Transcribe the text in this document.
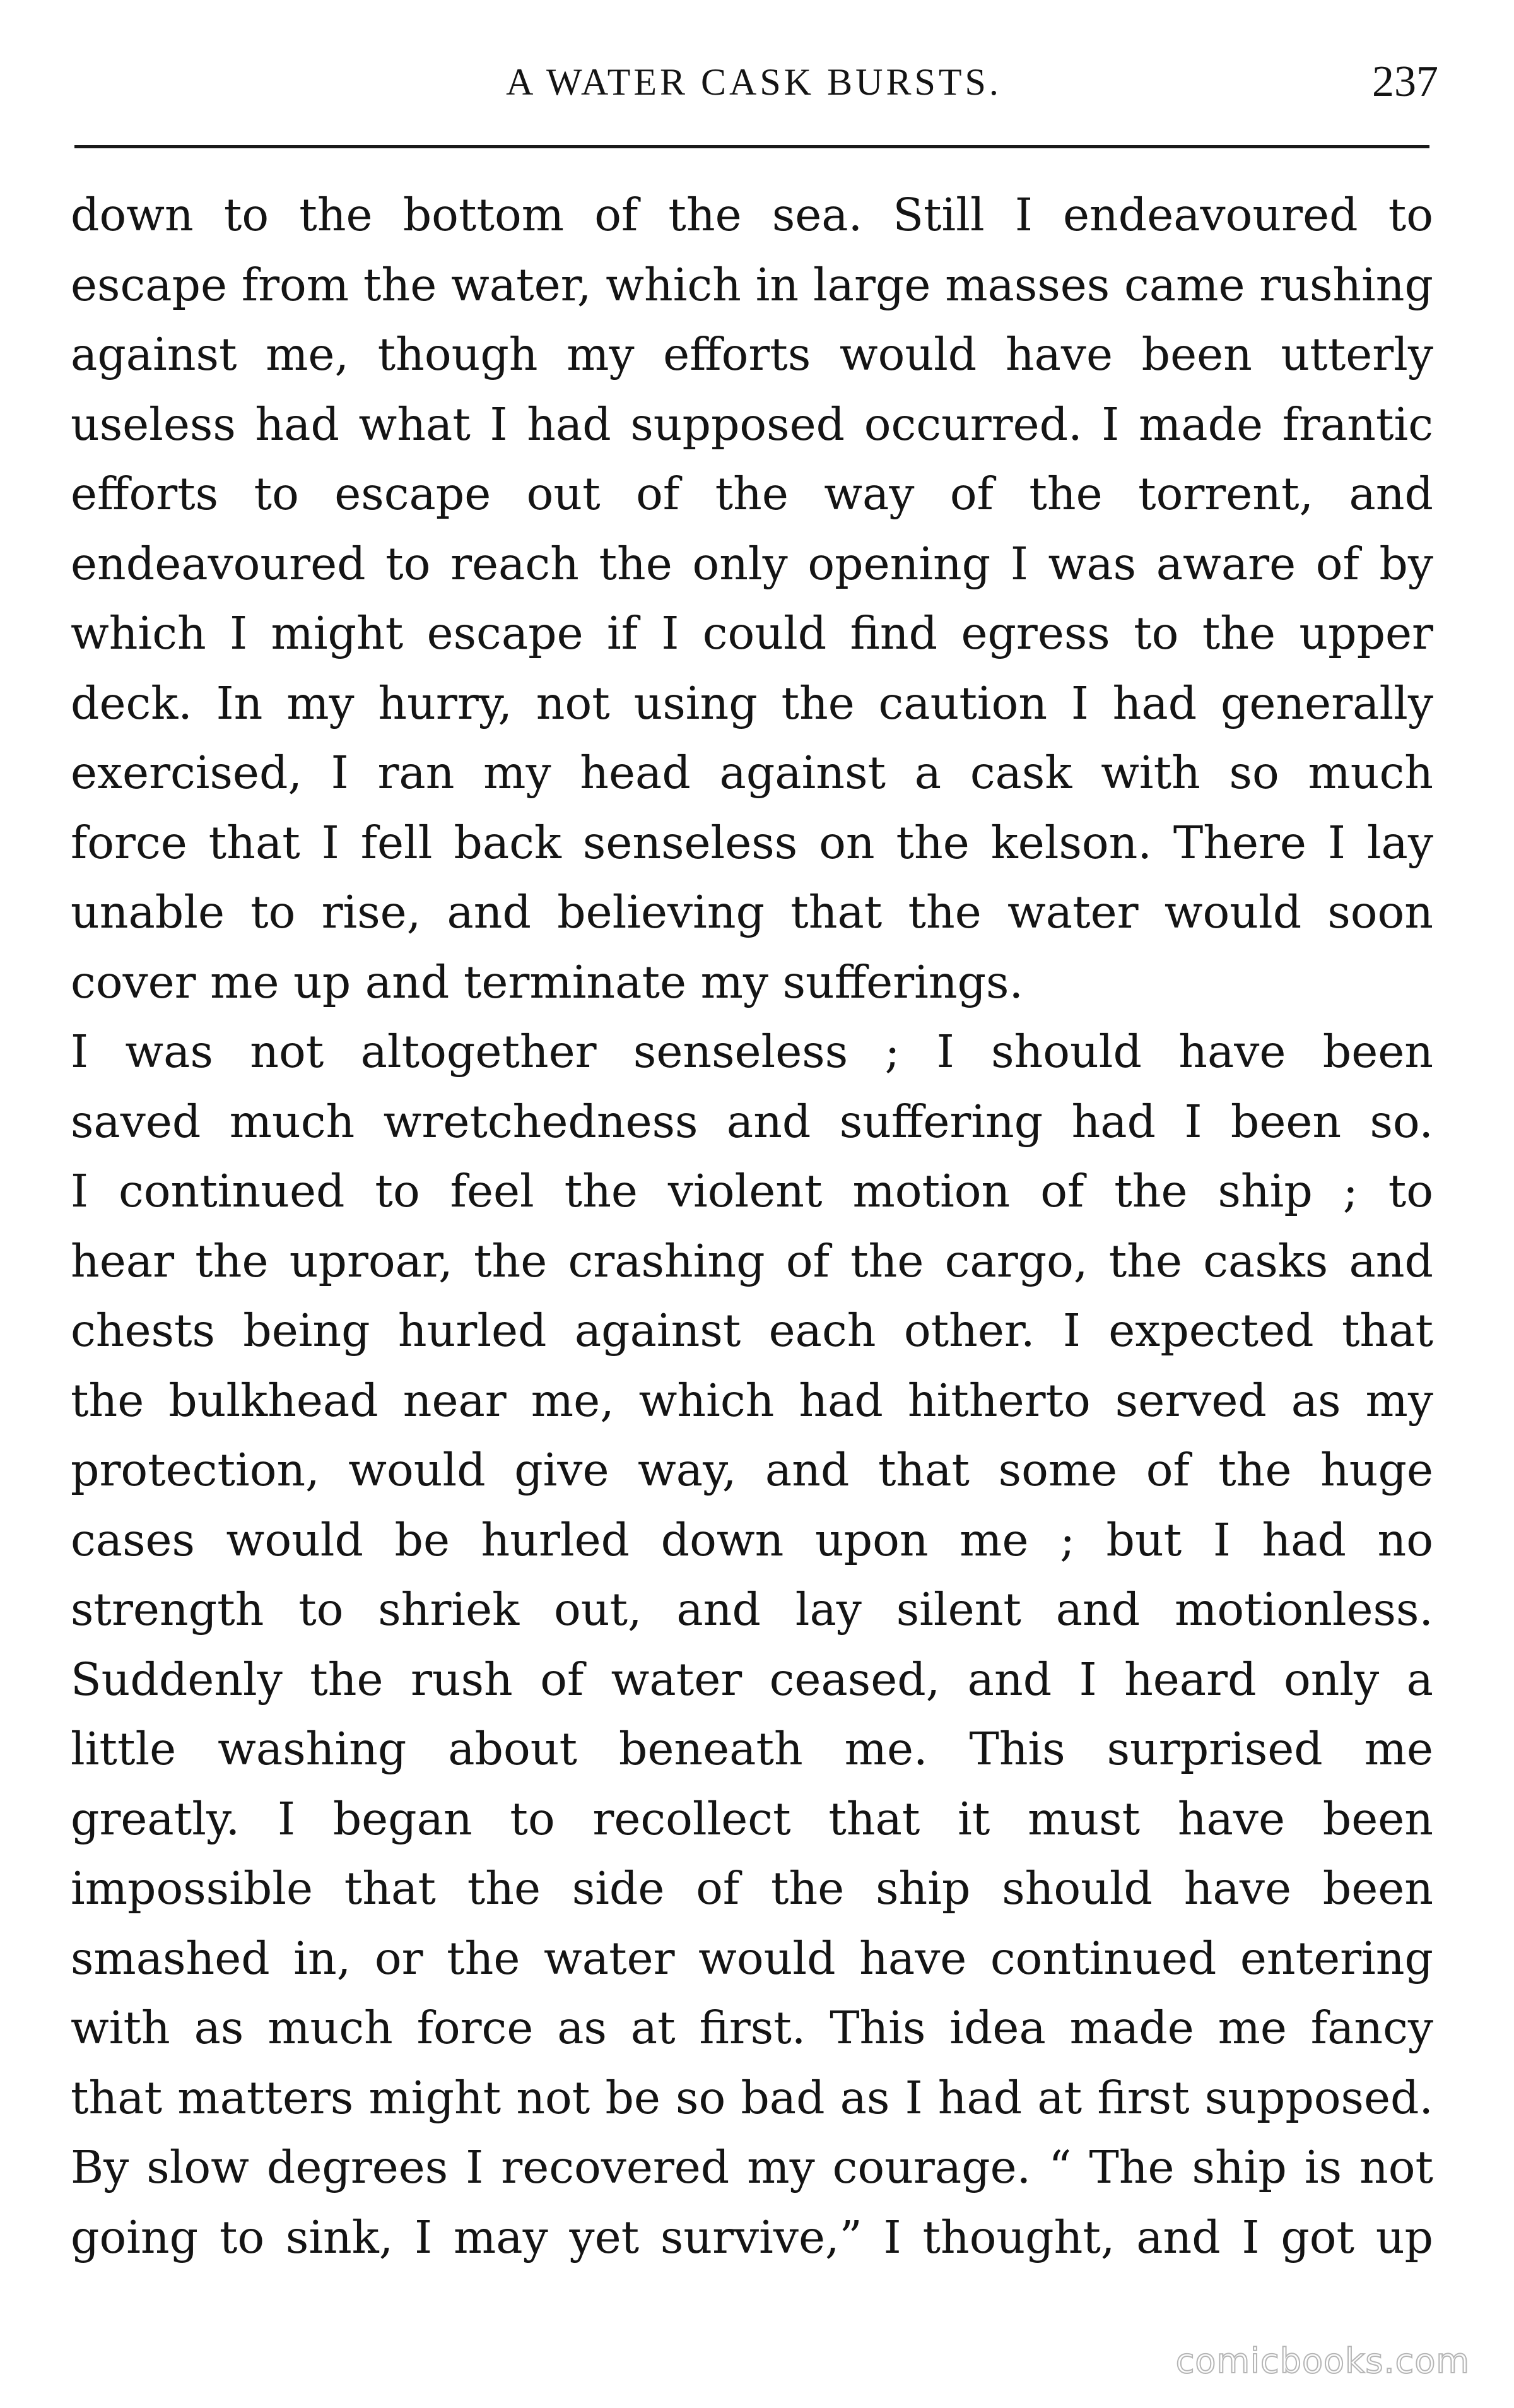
A WATER CASK BURSTS.	237
down to the bottom of the sea. Still I endeavoured to
escape from the water, which in large masses came rushing
against me, though my efforts would have been utterly
useless had what I had supposed occurred. I made frantic
efforts to escape out of the way of the torrent, and
endeavoured to reach the only opening I was aware of by
which I might escape if I could find egress to the upper
deck. In my hurry, not using the caution I had generally
exercised, I ran my head against a cask with so much
force that I fell back senseless on the kelson. There I lay
unable to rise, and believing that the water would soon
cover me up and terminate my sufferings.
I was not altogether senseless ; I should have been
saved much wretchedness and suffering had I been so.
I continued to feel the violent motion of the ship ; to
hear the uproar, the crashing of the cargo, the casks and
chests being hurled against each other. I expected that
the bulkhead near me, which had hitherto served as my
protection, would give way, and that some of the huge
cases would be hurled down upon me ; but I had no
strength to shriek out, and lay silent and motionless.
Suddenly the rush of water ceased, and I heard only a
little washing about beneath me. This surprised me
greatly. I began to recollect that it must have been
impossible that the side of the ship should have been
smashed in, or the water would have continued entering
with as much force as at first. This idea made me fancy
that matters might not be so bad as I had at first supposed.
By slow degrees I recovered my courage. “ The ship is not
going to sink, I may yet survive,” I thought, and I got up
comicbooks.com
